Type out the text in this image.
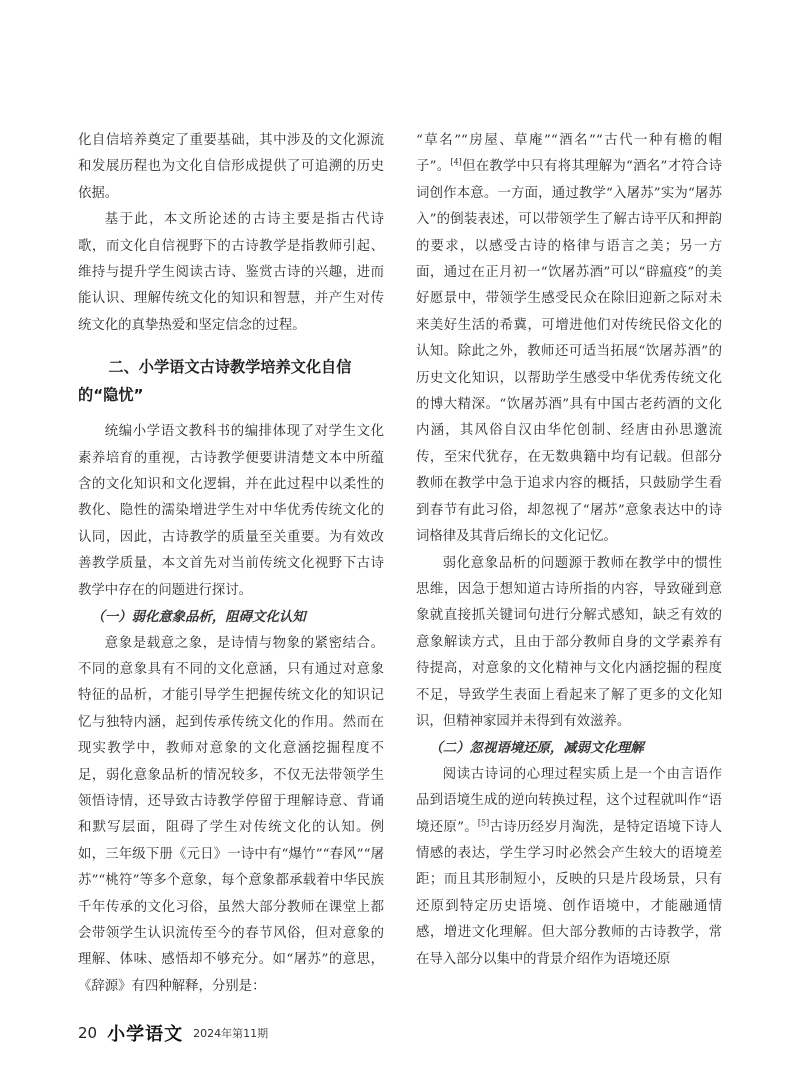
化自信培养奠定了重要基础，其中涉及的文化源流和发展历程也为文化自信形成提供了可追溯的历史依据。

基于此，本文所论述的古诗主要是指古代诗歌，而文化自信视野下的古诗教学是指教师引起、维持与提升学生阅读古诗、鉴赏古诗的兴趣，进而能认识、理解传统文化的知识和智慧，并产生对传统文化的真挚热爱和坚定信念的过程。

二、小学语文古诗教学培养文化自信的“隐忧”

统编小学语文教科书的编排体现了对学生文化素养培育的重视，古诗教学便要讲清楚文本中所蕴含的文化知识和文化逻辑，并在此过程中以柔性的教化、隐性的濡染增进学生对中华优秀传统文化的认同，因此，古诗教学的质量至关重要。为有效改善教学质量，本文首先对当前传统文化视野下古诗教学中存在的问题进行探讨。

（一）弱化意象品析，阻碍文化认知

意象是载意之象，是诗情与物象的紧密结合。不同的意象具有不同的文化意涵，只有通过对意象特征的品析，才能引导学生把握传统文化的知识记忆与独特内涵，起到传承传统文化的作用。然而在现实教学中，教师对意象的文化意涵挖掘程度不足，弱化意象品析的情况较多，不仅无法带领学生领悟诗情，还导致古诗教学停留于理解诗意、背诵和默写层面，阻碍了学生对传统文化的认知。例如，三年级下册《元日》一诗中有“爆竹”“春风”“屠苏”“桃符”等多个意象，每个意象都承载着中华民族千年传承的文化习俗，虽然大部分教师在课堂上都会带领学生认识流传至今的春节风俗，但对意象的理解、体味、感悟却不够充分。如“屠苏”的意思，《辞源》有四种解释，分别是：

“草名”“房屋、草庵”“酒名”“古代一种有檐的帽子”。[4]但在教学中只有将其理解为“酒名”才符合诗词创作本意。一方面，通过教学“入屠苏”实为“屠苏入”的倒装表述，可以带领学生了解古诗平仄和押韵的要求，以感受古诗的格律与语言之美；另一方面，通过在正月初一“饮屠苏酒”可以“辟瘟疫”的美好愿景中，带领学生感受民众在除旧迎新之际对未来美好生活的希冀，可增进他们对传统民俗文化的认知。除此之外，教师还可适当拓展“饮屠苏酒”的历史文化知识，以帮助学生感受中华优秀传统文化的博大精深。“饮屠苏酒”具有中国古老药酒的文化内涵，其风俗自汉由华佗创制、经唐由孙思邈流传，至宋代犹存，在无数典籍中均有记载。但部分教师在教学中急于追求内容的概括，只鼓励学生看到春节有此习俗，却忽视了“屠苏”意象表达中的诗词格律及其背后绵长的文化记忆。

弱化意象品析的问题源于教师在教学中的惯性思维，因急于想知道古诗所指的内容，导致碰到意象就直接抓关键词句进行分解式感知，缺乏有效的意象解读方式，且由于部分教师自身的文学素养有待提高，对意象的文化精神与文化内涵挖掘的程度不足，导致学生表面上看起来了解了更多的文化知识，但精神家园并未得到有效滋养。

（二）忽视语境还原，减弱文化理解

阅读古诗词的心理过程实质上是一个由言语作品到语境生成的逆向转换过程，这个过程就叫作“语境还原”。[5]古诗历经岁月淘洗，是特定语境下诗人情感的表达，学生学习时必然会产生较大的语境差距；而且其形制短小，反映的只是片段场景，只有还原到特定历史语境、创作语境中，才能融通情感，增进文化理解。但大部分教师的古诗教学，常在导入部分以集中的背景介绍作为语境还原

20 小学语文 2024年第11期
